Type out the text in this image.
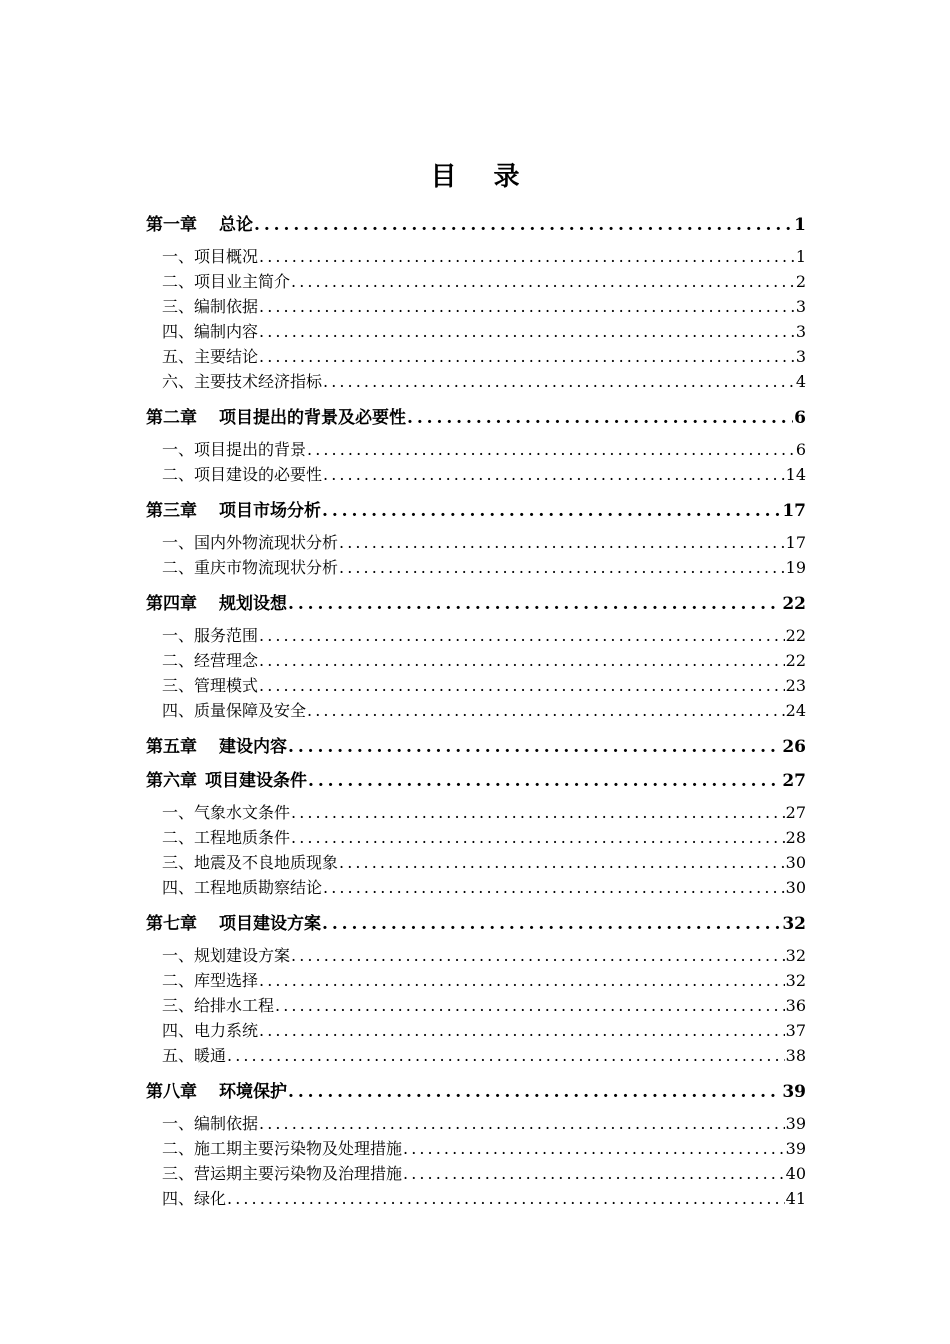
目 录
第一章 总论 . . .	1
一、 项目概况 . . .	1
二、 项目业主简介 . . .	2
三、 编制依据 . . .	3
四、 编制内容 . . .	3
五、 主要结论 . . .	3
六、 主要技术经济指标 . . .	4
第二章 项目提出的背景及必要性 . . .	6
一、 项目提出的背景 . . .	6
二、 项目建设的必要性 . . .	14
第三章 项目市场分析 . . .	17
一、 国内外物流现状分析 . . .	17
二、 重庆市物流现状分析 . . .	19
第四章 规划设想 . . .	22
一、 服务范围 . . .	22
二、 经营理念 . . .	22
三、 管理模式 . . .	23
四、 质量保障及安全 . . .	24
第五章 建设内容 . . .	26
第六章 项目建设条件 . . .	27
一、 气象水文条件 . . .	27
二、 工程地质条件 . . .	28
三、 地震及不良地质现象 . . .	30
四、 工程地质勘察结论 . . .	30
第七章 项目建设方案 . . .	32
一、 规划建设方案 . . .	32
二、 库型选择 . . .	32
三、 给排水工程 . . .	36
四、 电力系统 . . .	37
五、 暖通 . . .	38
第八章 环境保护 . . .	39
一、 编制依据 . . .	39
二、 施工期主要污染物及处理措施 . . .	39
三、 营运期主要污染物及治理措施 . . .	40
四、 绿化 . . .	41
